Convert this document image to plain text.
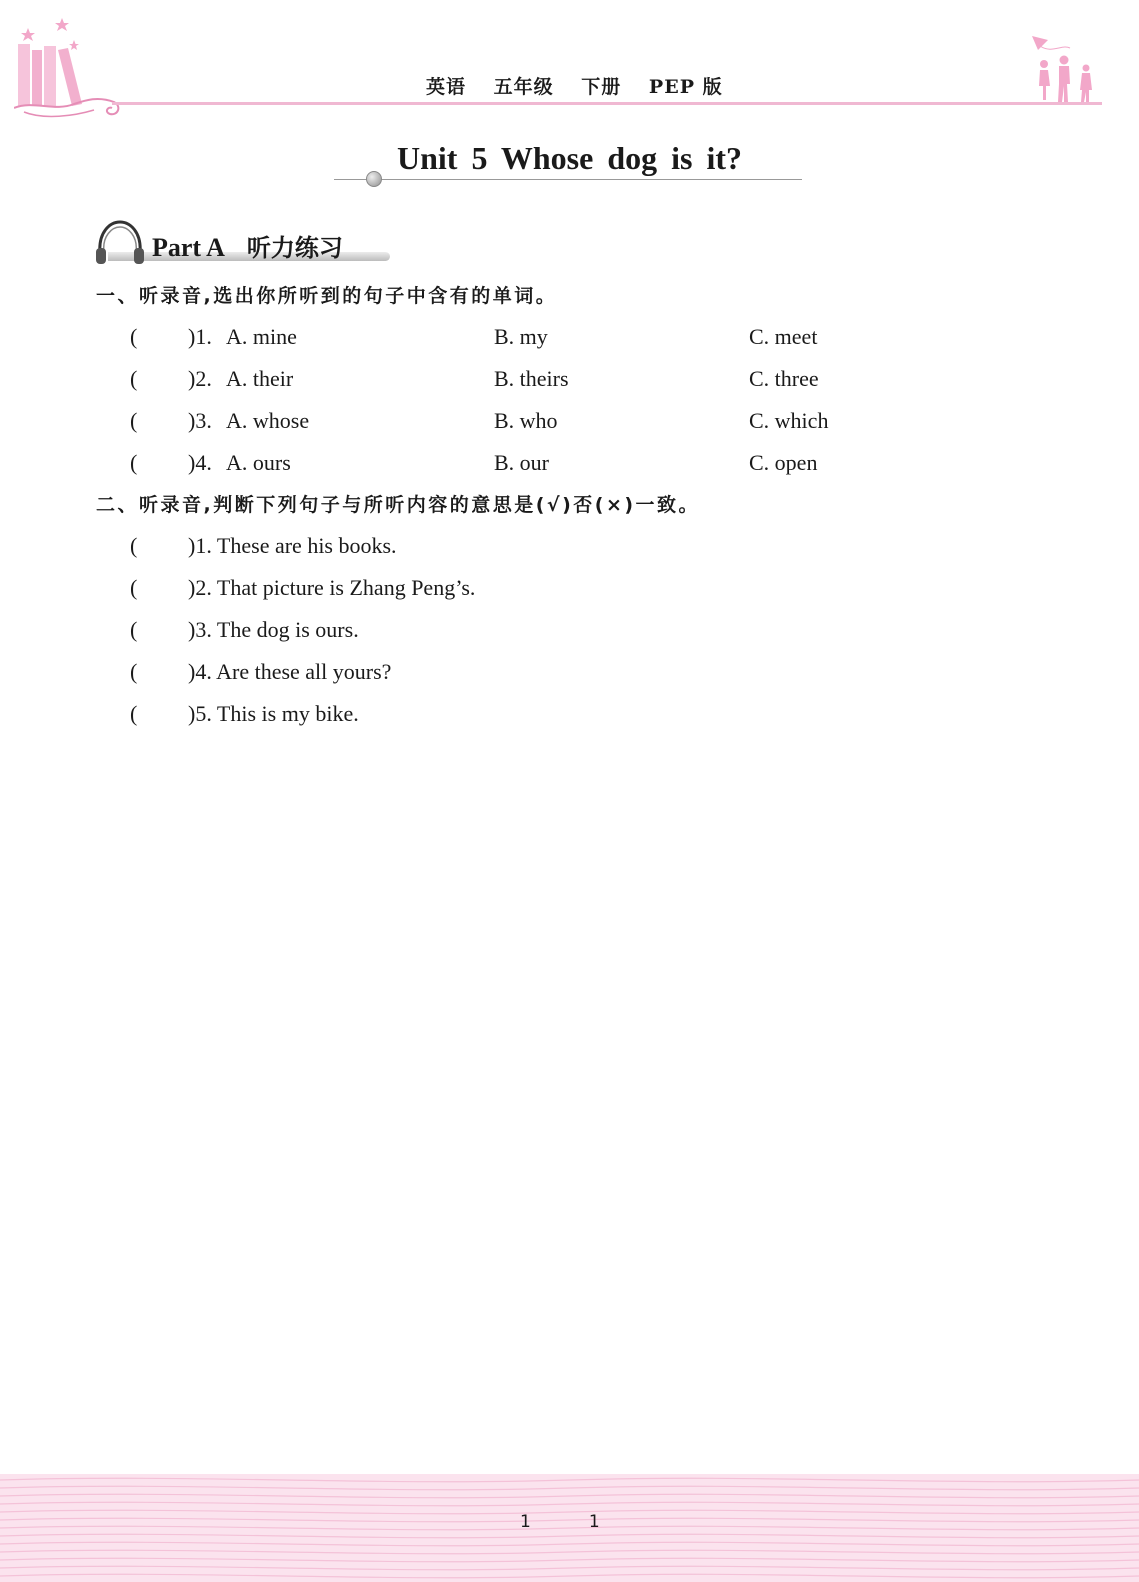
英语 五年级 下册 PEP 版
Unit 5 Whose dog is it?
Part A 听力练习
一、听录音,选出你所听到的句子中含有的单词。
( )1. A. mine	B. my	C. meet
( )2. A. their	B. theirs	C. three
( )3. A. whose	B. who	C. which
( )4. A. ours	B. our	C. open
二、听录音,判断下列句子与所听内容的意思是(√)否(×)一致。
( )1. These are his books.
( )2. That picture is Zhang Peng’s.
( )3. The dog is ours.
( )4. Are these all yours?
( )5. This is my bike.
1	1
